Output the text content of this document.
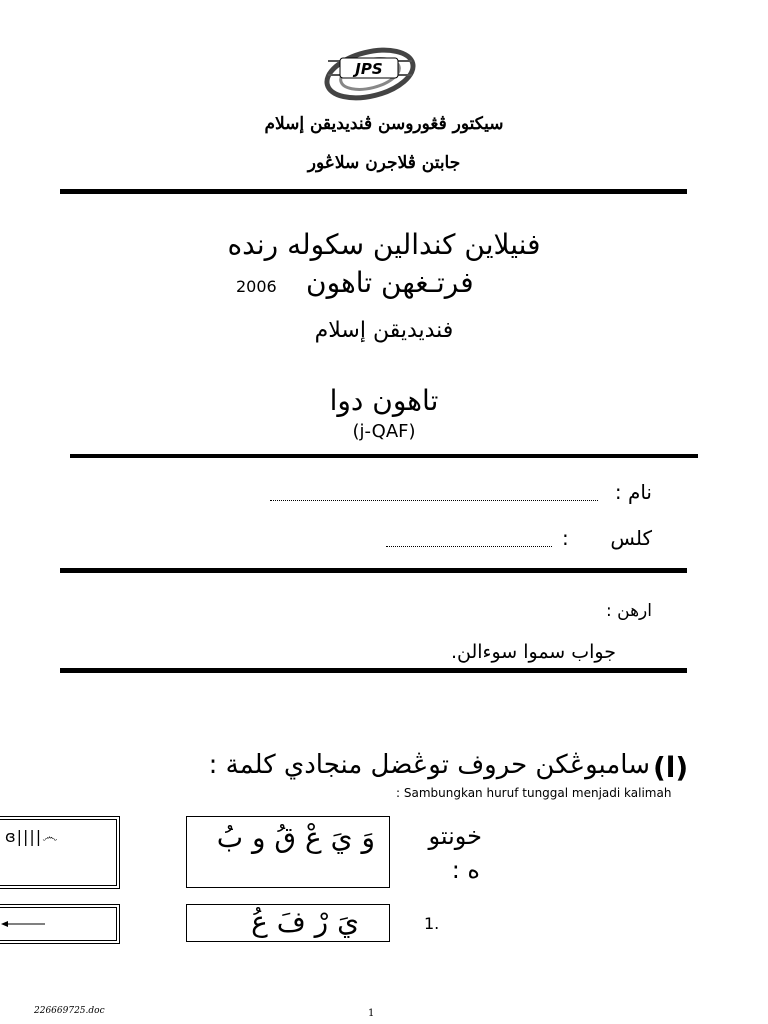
JPS
سيكتور ڤڠوروسن ڤنديديقن إسلام
جابتن ڤلاجرن سلاڠور
فنيلاين كندالين سكوله رنده
2006 فرتـغهن تاهون
فنديديقن إسلام
تاهون دوا
(j-QAF)
نام :
كلس
:
ارهن :
جواب سموا سوءالن.
(ا)
سامبوڠكن حروف توڠضل منجادي كلمة :
: Sambungkan huruf tunggal menjadi kalimah
ɞ||||෴	وَ يَ عْ قُ و بُ	خونتو
ه :
يَ رْ فَ عُ	1.
226669725.doc	1
